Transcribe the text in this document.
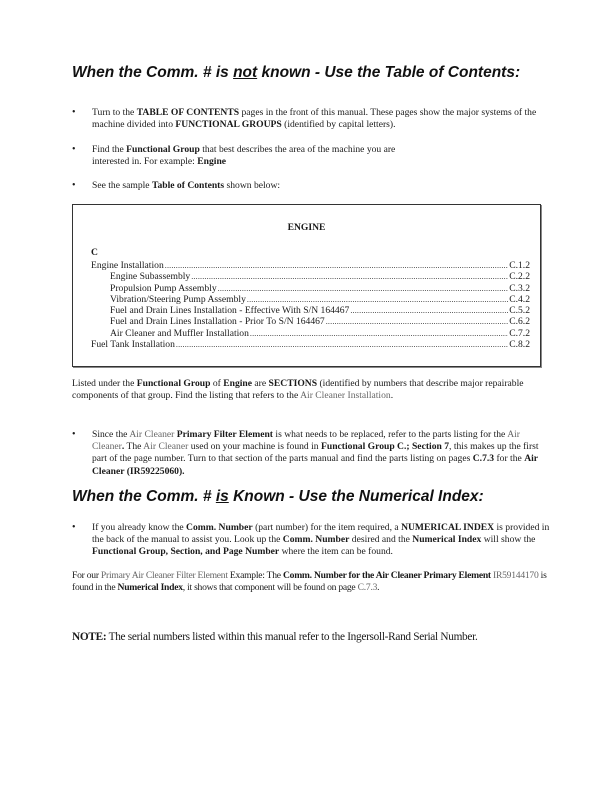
When the Comm. # is not known - Use the Table of Contents:
• Turn to the TABLE OF CONTENTS pages in the front of this manual. These pages show the major systems of the machine divided into FUNCTIONAL GROUPS (identified by capital letters).

• Find the Functional Group that best describes the area of the machine you are interested in. For example: Engine

• See the sample Table of Contents shown below:

ENGINE
C
Engine Installation .....	C.1.2
Engine Subassembly .....	C.2.2
Propulsion Pump Assembly .....	C.3.2
Vibration/Steering Pump Assembly .....	C.4.2
Fuel and Drain Lines Installation - Effective With S/N 164467 .....	C.5.2
Fuel and Drain Lines Installation - Prior To S/N 164467 .....	C.6.2
Air Cleaner and Muffler Installation .....	C.7.2
Fuel Tank Installation .....	C.8.2

Listed under the Functional Group of Engine are SECTIONS (identified by numbers that describe major repairable components of that group. Find the listing that refers to the Air Cleaner Installation.

• Since the Air Cleaner Primary Filter Element is what needs to be replaced, refer to the parts listing for the Air Cleaner. The Air Cleaner used on your machine is found in Functional Group C.; Section 7, this makes up the first part of the page number. Turn to that section of the parts manual and find the parts listing on pages C.7.3 for the Air Cleaner (IR59225060).

When the Comm. # is Known - Use the Numerical Index:
• If you already know the Comm. Number (part number) for the item required, a NUMERICAL INDEX is provided in the back of the manual to assist you. Look up the Comm. Number desired and the Numerical Index will show the Functional Group, Section, and Page Number where the item can be found.

For our Primary Air Cleaner Filter Element Example: The Comm. Number for the Air Cleaner Primary Element IR59144170 is found in the Numerical Index, it shows that component will be found on page C.7.3.

NOTE: The serial numbers listed within this manual refer to the Ingersoll-Rand Serial Number.
